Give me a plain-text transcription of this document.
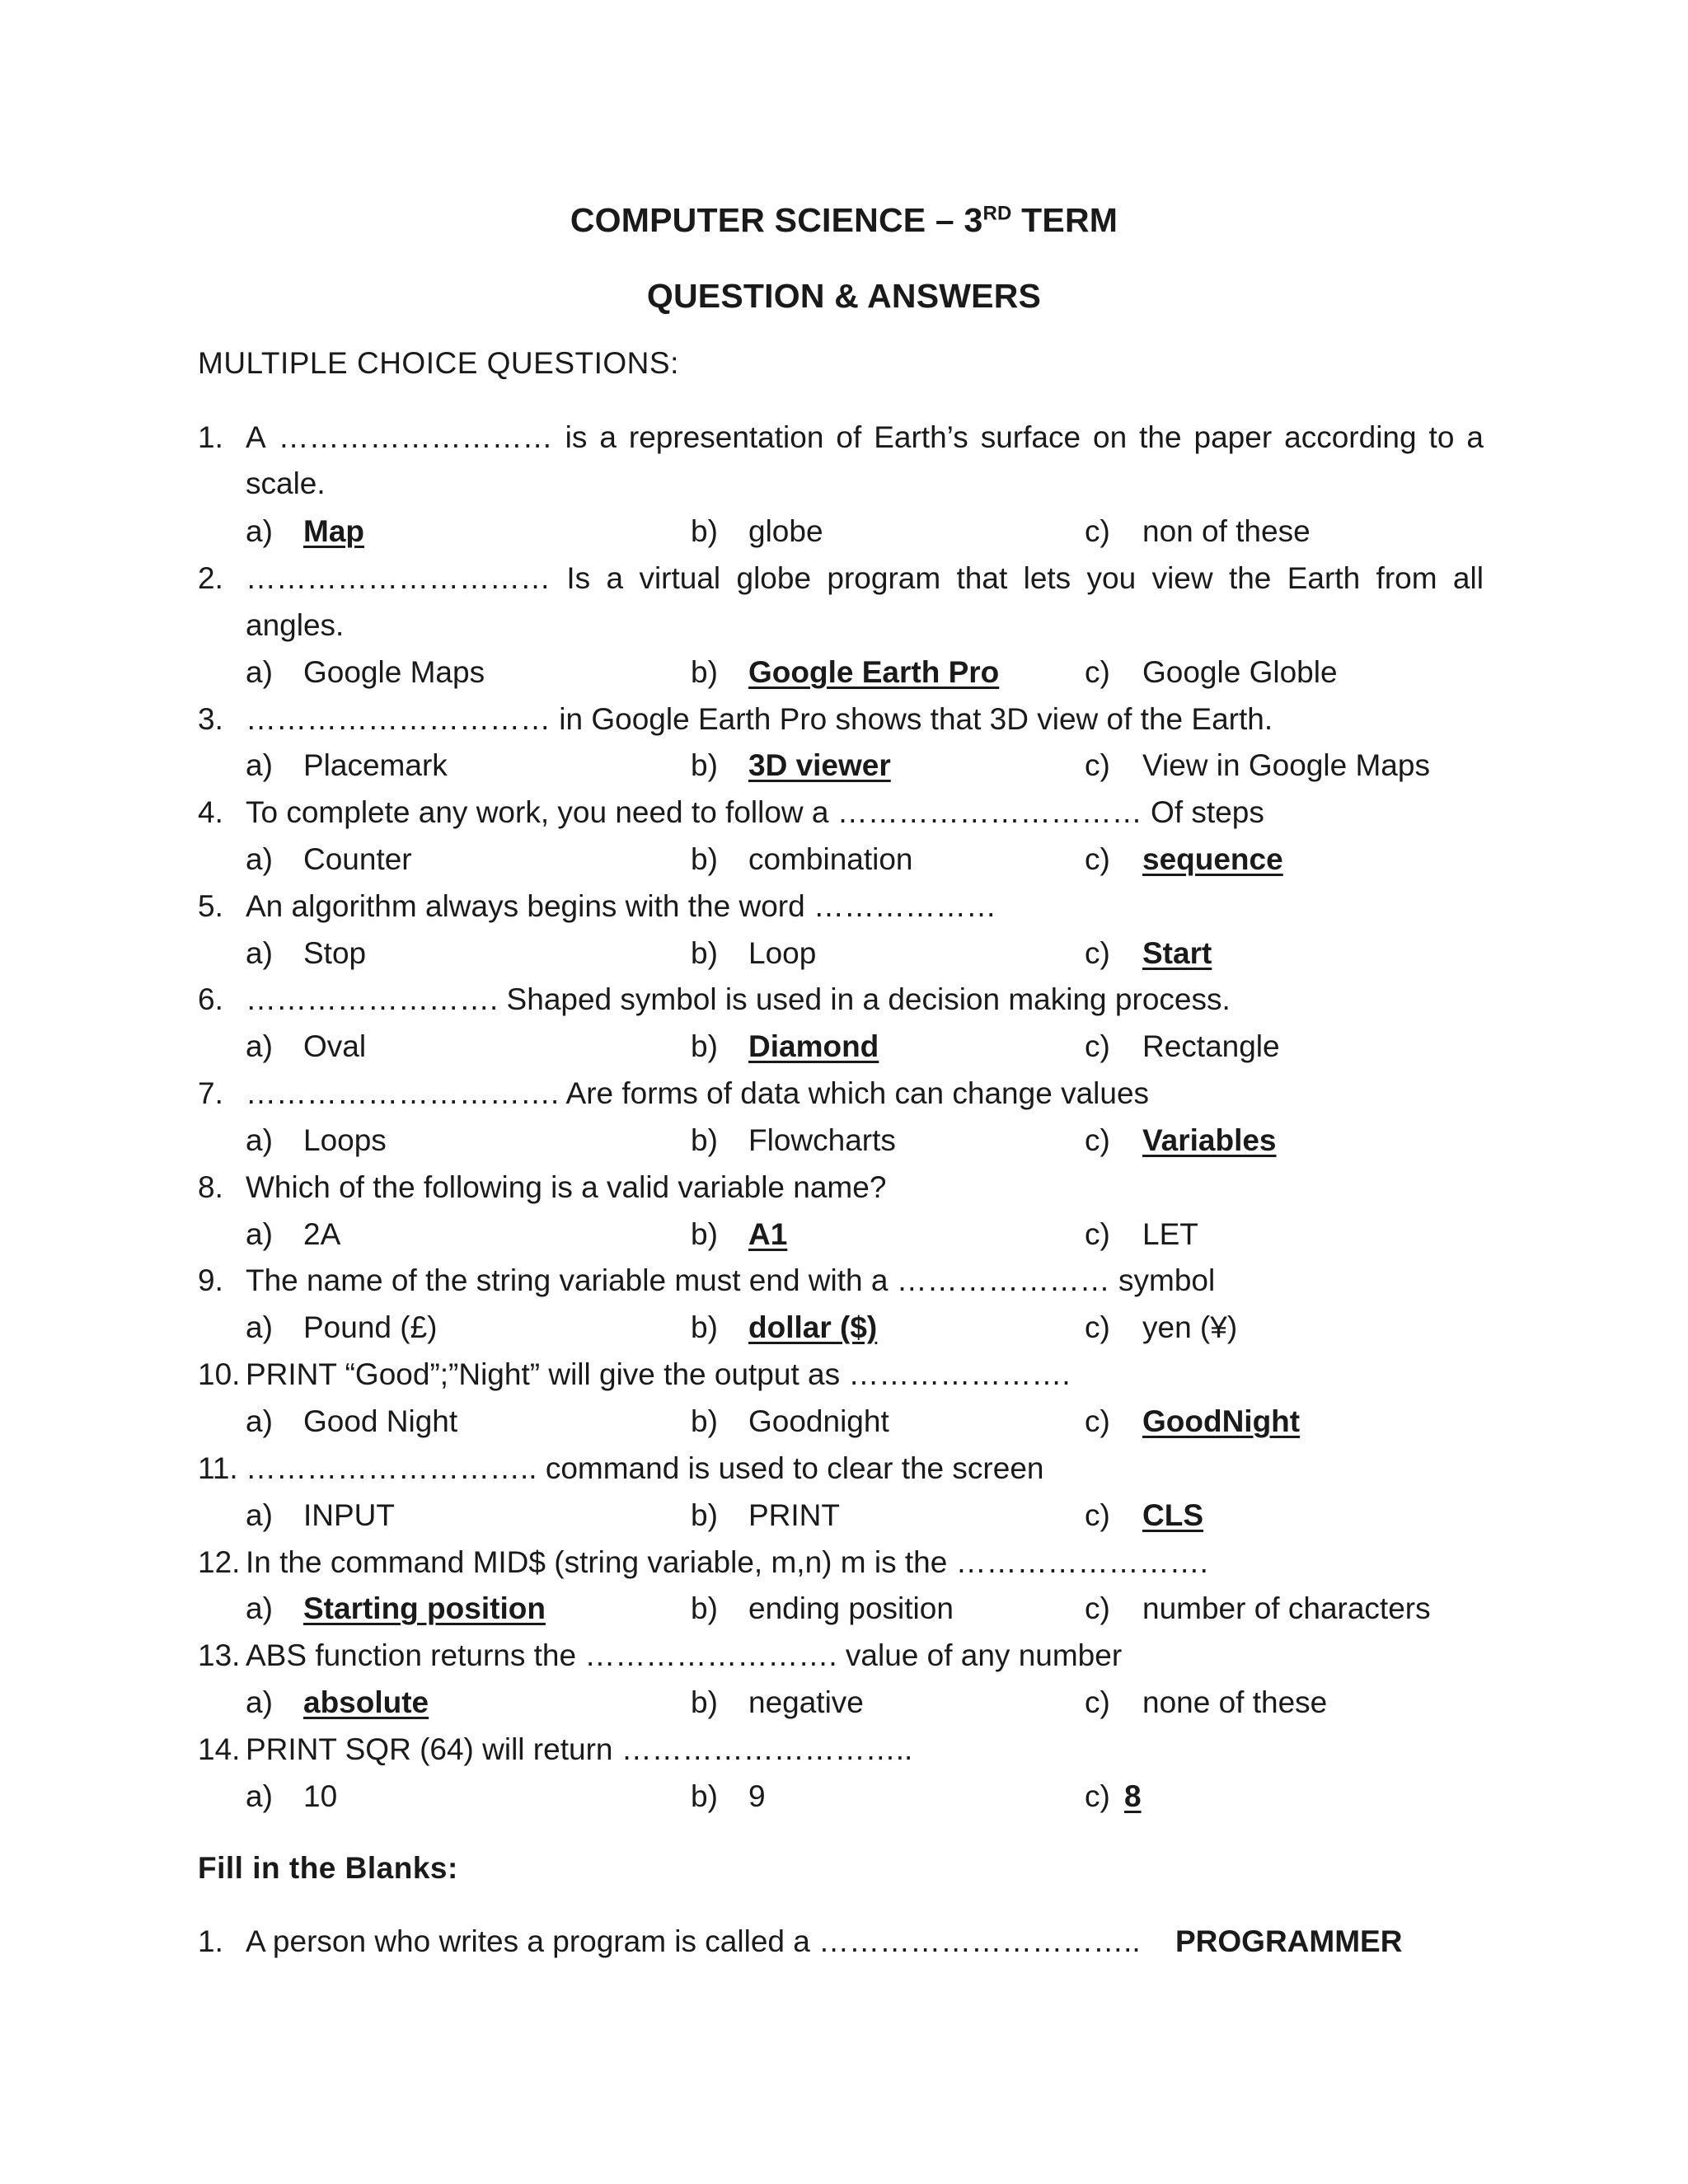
COMPUTER SCIENCE – 3RD TERM
QUESTION & ANSWERS
MULTIPLE CHOICE QUESTIONS:
1. A ……………………… is a representation of Earth’s surface on the paper according to a
scale.
a) Map	b) globe	c) non of these
2. ………………………… Is a virtual globe program that lets you view the Earth from all
angles.
a) Google Maps	b) Google Earth Pro	c) Google Globle
3. ………………………… in Google Earth Pro shows that 3D view of the Earth.
a) Placemark	b) 3D viewer	c) View in Google Maps
4. To complete any work, you need to follow a ………………………… Of steps
a) Counter	b) combination	c) sequence
5. An algorithm always begins with the word ………………
a) Stop	b) Loop	c) Start
6. ……………………. Shaped symbol is used in a decision making process.
a) Oval	b) Diamond	c) Rectangle
7. …………………………. Are forms of data which can change values
a) Loops	b) Flowcharts	c) Variables
8. Which of the following is a valid variable name?
a) 2A	b) A1	c) LET
9. The name of the string variable must end with a ………………… symbol
a) Pound (£)	b) dollar ($)	c) yen (¥)
10. PRINT “Good”;”Night” will give the output as ………………….
a) Good Night	b) Goodnight	c) GoodNight
11. ……………………….. command is used to clear the screen
a) INPUT	b) PRINT	c) CLS
12. In the command MID$ (string variable, m,n) m is the …………………….
a) Starting position	b) ending position	c) number of characters
13. ABS function returns the ……………………. value of any number
a) absolute	b) negative	c) none of these
14. PRINT SQR (64) will return ………………………..
a) 10	b) 9	c) 8
Fill in the Blanks:
1. A person who writes a program is called a ………………………….. PROGRAMMER
